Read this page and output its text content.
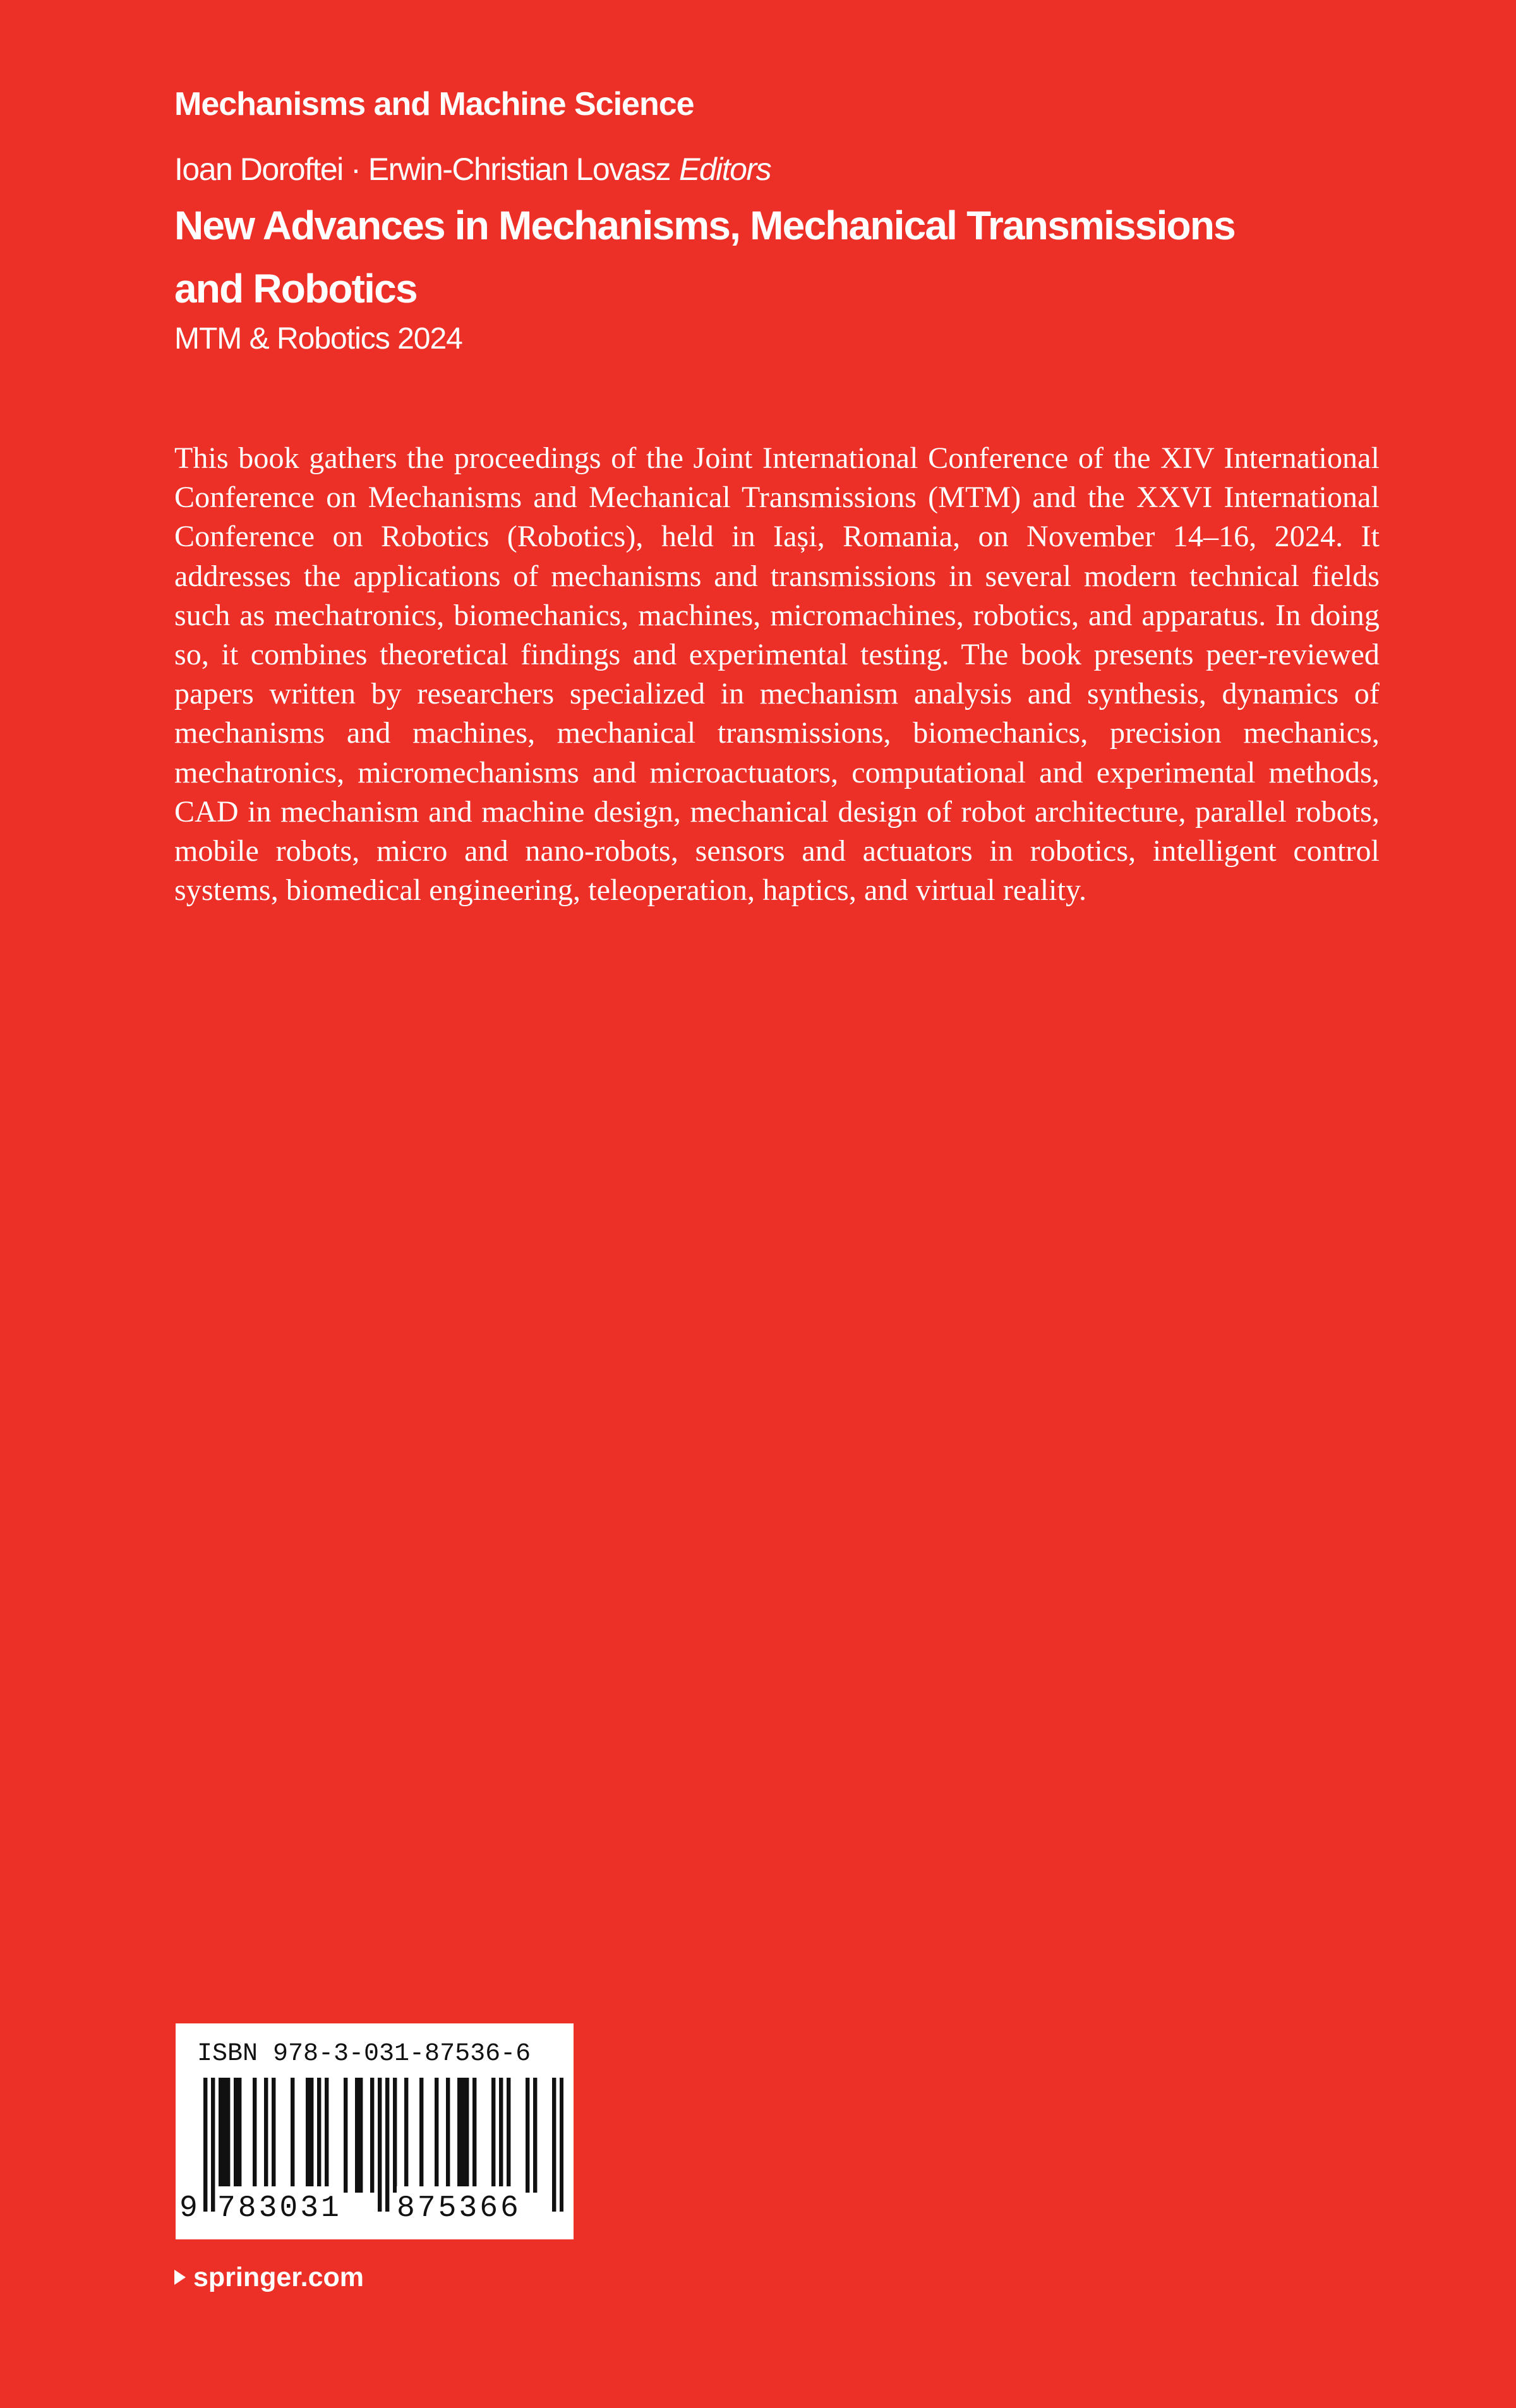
Mechanisms and Machine Science
Ioan Doroftei · Erwin-Christian Lovasz Editors
New Advances in Mechanisms, Mechanical Transmissions and Robotics
MTM & Robotics 2024

This book gathers the proceedings of the Joint International Conference of the XIV International Conference on Mechanisms and Mechanical Transmissions (MTM) and the XXVI International Conference on Robotics (Robotics), held in Iași, Romania, on November 14–16, 2024. It addresses the applications of mechanisms and transmissions in several modern technical fields such as mechatronics, biomechanics, machines, micromachines, robotics, and apparatus. In doing so, it combines theoretical findings and experimental testing. The book presents peer-reviewed papers written by researchers specialized in mechanism analysis and synthesis, dynamics of mechanisms and machines, mechanical transmissions, biomechanics, precision mechanics, mechatronics, micromechanisms and microactuators, computational and experimental methods, CAD in mechanism and machine design, mechanical design of robot architecture, parallel robots, mobile robots, micro and nano-robots, sensors and actuators in robotics, intelligent control systems, biomedical engineering, teleoperation, haptics, and virtual reality.

ISBN 978-3-031-87536-6
9 783031 875366
springer.com
